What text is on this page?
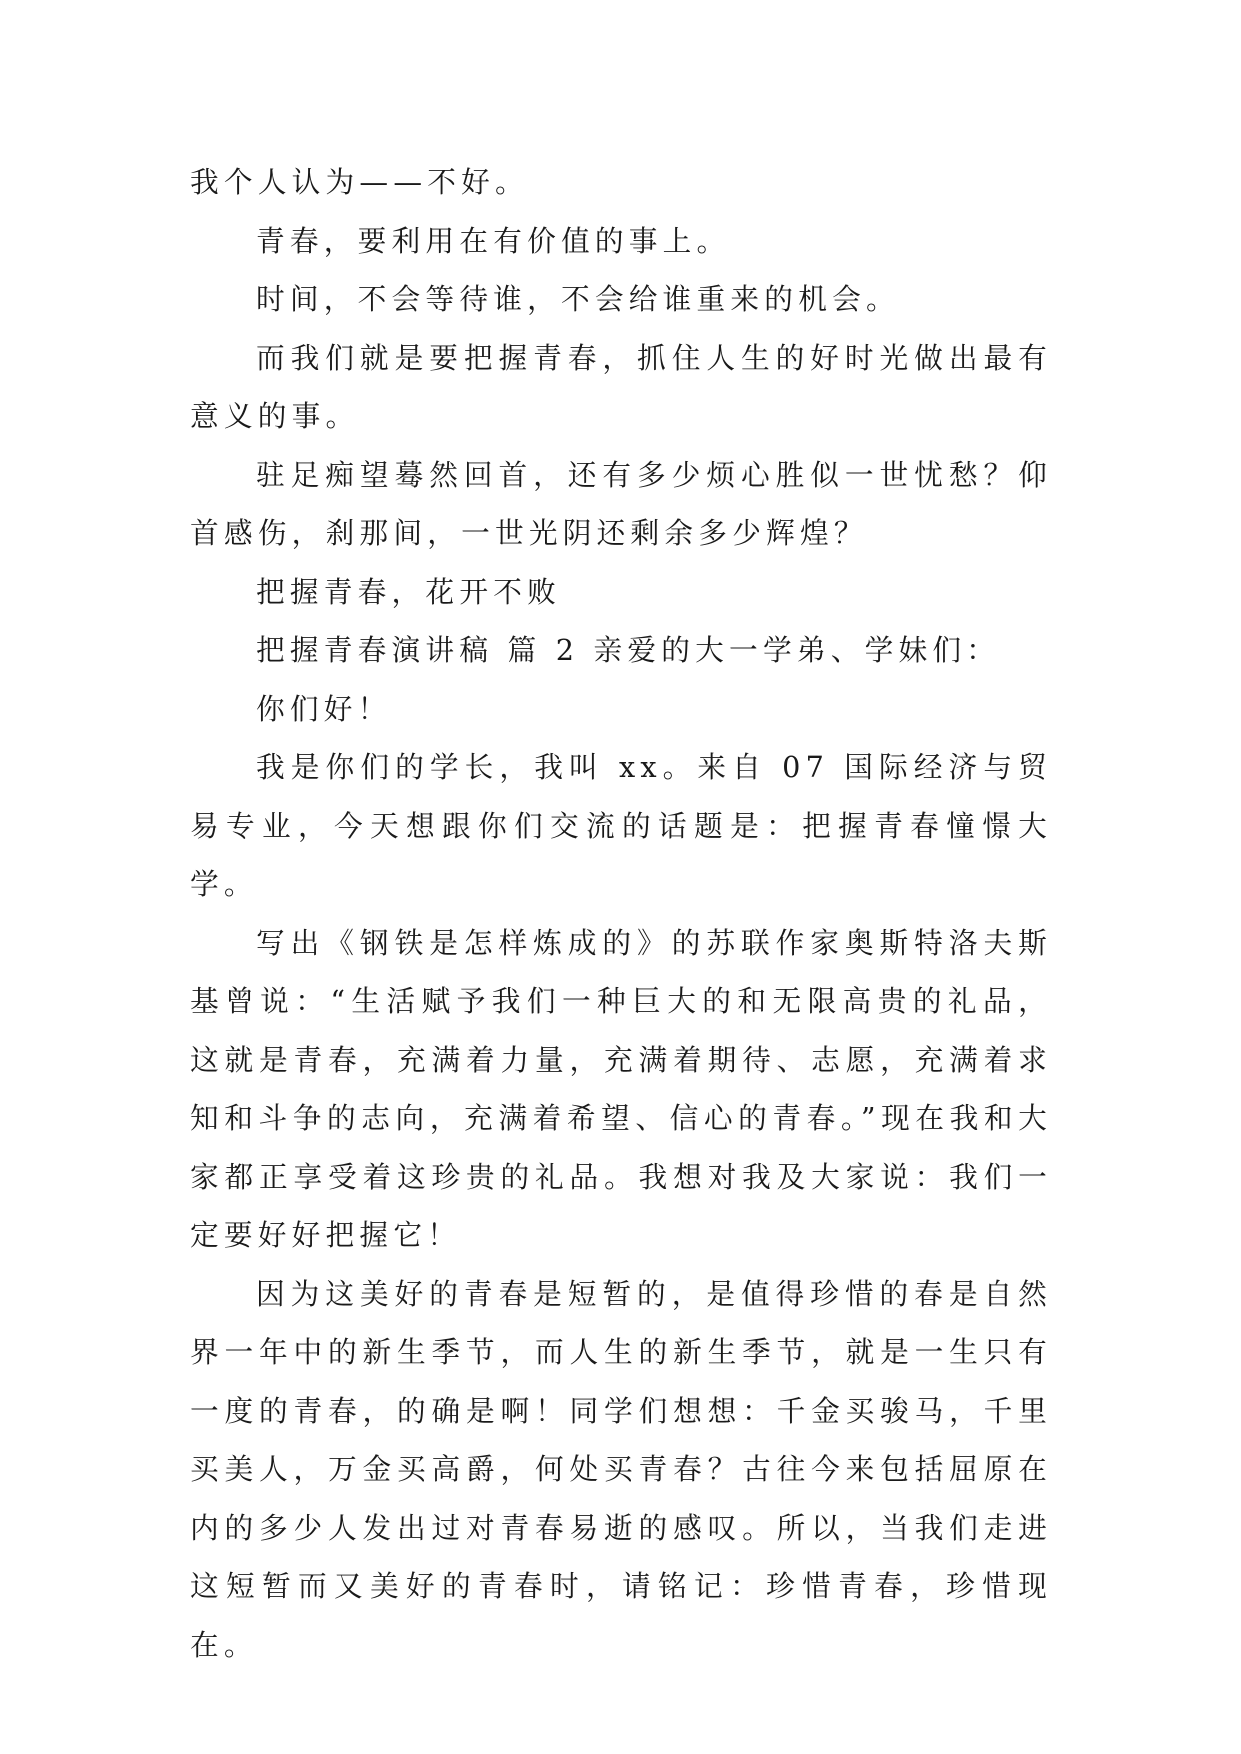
我个人认为——不好。

青春，要利用在有价值的事上。

时间，不会等待谁，不会给谁重来的机会。

而我们就是要把握青春，抓住人生的好时光做出最有意义的事。

驻足痴望蓦然回首，还有多少烦心胜似一世忧愁？仰首感伤，刹那间，一世光阴还剩余多少辉煌？

把握青春，花开不败

把握青春演讲稿 篇 2 亲爱的大一学弟、学妹们：

你们好！

我是你们的学长，我叫 xx。来自 07 国际经济与贸易专业，今天想跟你们交流的话题是：把握青春憧憬大学。

写出《钢铁是怎样炼成的》的苏联作家奥斯特洛夫斯基曾说：“生活赋予我们一种巨大的和无限高贵的礼品，这就是青春，充满着力量，充满着期待、志愿，充满着求知和斗争的志向，充满着希望、信心的青春。”现在我和大家都正享受着这珍贵的礼品。我想对我及大家说：我们一定要好好把握它！

因为这美好的青春是短暂的，是值得珍惜的春是自然界一年中的新生季节，而人生的新生季节，就是一生只有一度的青春，的确是啊！同学们想想：千金买骏马，千里买美人，万金买高爵，何处买青春？古往今来包括屈原在内的多少人发出过对青春易逝的感叹。所以，当我们走进这短暂而又美好的青春时，请铭记：珍惜青春，珍惜现在。
